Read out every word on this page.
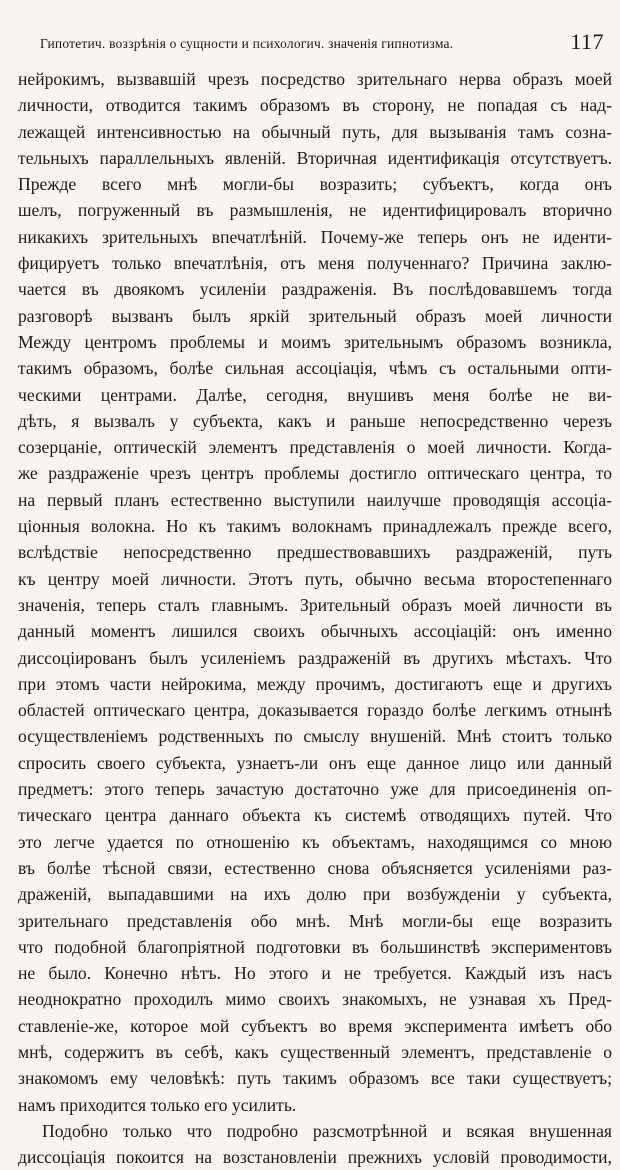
Гипотетич. воззрѣнія о сущности и психологич. значенія гипнотизма.	117
нейрокимъ, вызвавшій чрезъ посредство зрительнаго нерва образъ моей
личности, отводится такимъ образомъ въ сторону, не попадая съ над-
лежащей интенсивностью на обычный путь, для вызыванія тамъ сознa-
тельныхъ параллельныхъ явленій. Вторичная идентификація отсутствуетъ.
Прежде всего мнѣ могли-бы возразить; субъектъ, когда онъ
шелъ, погруженный въ размышленія, не идентифицировалъ вторично
никакихъ зрительныхъ впечатлѣній. Почему-же теперь онъ не иденти-
фицируетъ только впечатлѣнія, отъ меня полученнаго? Причина заклю-
чается въ двоякомъ усиленіи раздраженія. Въ послѣдовавшемъ тогда
разговорѣ вызванъ былъ яркій зрительный образъ моей личности
Между центромъ проблемы и моимъ зрительнымъ образомъ возникла,
такимъ образомъ, болѣе сильная ассоціація, чѣмъ съ остальными опти-
ческими центрами. Далѣе, сегодня, внушивъ меня болѣе не ви-
дѣть, я вызвалъ у субъекта, какъ и раньше непосредственно черезъ
созерцаніе, оптическій элементъ представленія о моей личности. Когда-
же раздраженіе чрезъ центръ проблемы достигло оптическаго центра, то
на первый планъ естественно выступили наилучше проводящія ассоціа-
ціонныя волокна. Но къ такимъ волокнамъ принадлежалъ прежде всего,
вслѣдствіе непосредственно предшествовавшихъ раздраженій, путь
къ центру моей личности. Этотъ путь, обычно весьма второстепеннаго
значенія, теперь сталъ главнымъ. Зрительный образъ моей личности въ
данный моментъ лишился своихъ обычныхъ ассоціацій: онъ именно
диссоціированъ былъ усиленіемъ раздраженій въ другихъ мѣстахъ. Что
при этомъ части нейрокима, между прочимъ, достигаютъ еще и другихъ
областей оптическаго центра, доказывается гораздо болѣе легкимъ отнынѣ
осуществленіемъ родственныхъ по смыслу внушеній. Мнѣ стоитъ только
спросить своего субъекта, узнаетъ-ли онъ еще данное лицо или данный
предметъ: этого теперь зачастую достаточно уже для присоединенія оп-
тическаго центра даннаго объекта къ системѣ отводящихъ путей. Что
это легче удается по отношенію къ объектамъ, находящимся со мною
въ болѣе тѣсной связи, естественно снова объясняется усиленіями раз-
драженій, выпадавшими на ихъ долю при возбужденіи у субъекта,
зрительнаго представленія обо мнѣ. Мнѣ могли-бы еще возразить
что подобной благопріятной подготовки въ большинствѣ экспериментовъ
не было. Конечно нѣтъ. Но этого и не требуется. Каждый изъ насъ
неоднократно проходилъ мимо своихъ знакомыхъ, не узнавая хъ Пред-
ставленіе-же, которое мой субъектъ во время эксперимента имѣетъ обо
мнѣ, содержитъ въ себѣ, какъ существенный элементъ, представленіе о
знакомомъ ему человѣкѣ: путь такимъ образомъ все таки существуетъ;
намъ приходится только его усилить.
Подобно только что подробно разсмотрѣнной и всякая внушенная
диссоціація покоится на возстановленіи прежнихъ условій проводимости,
